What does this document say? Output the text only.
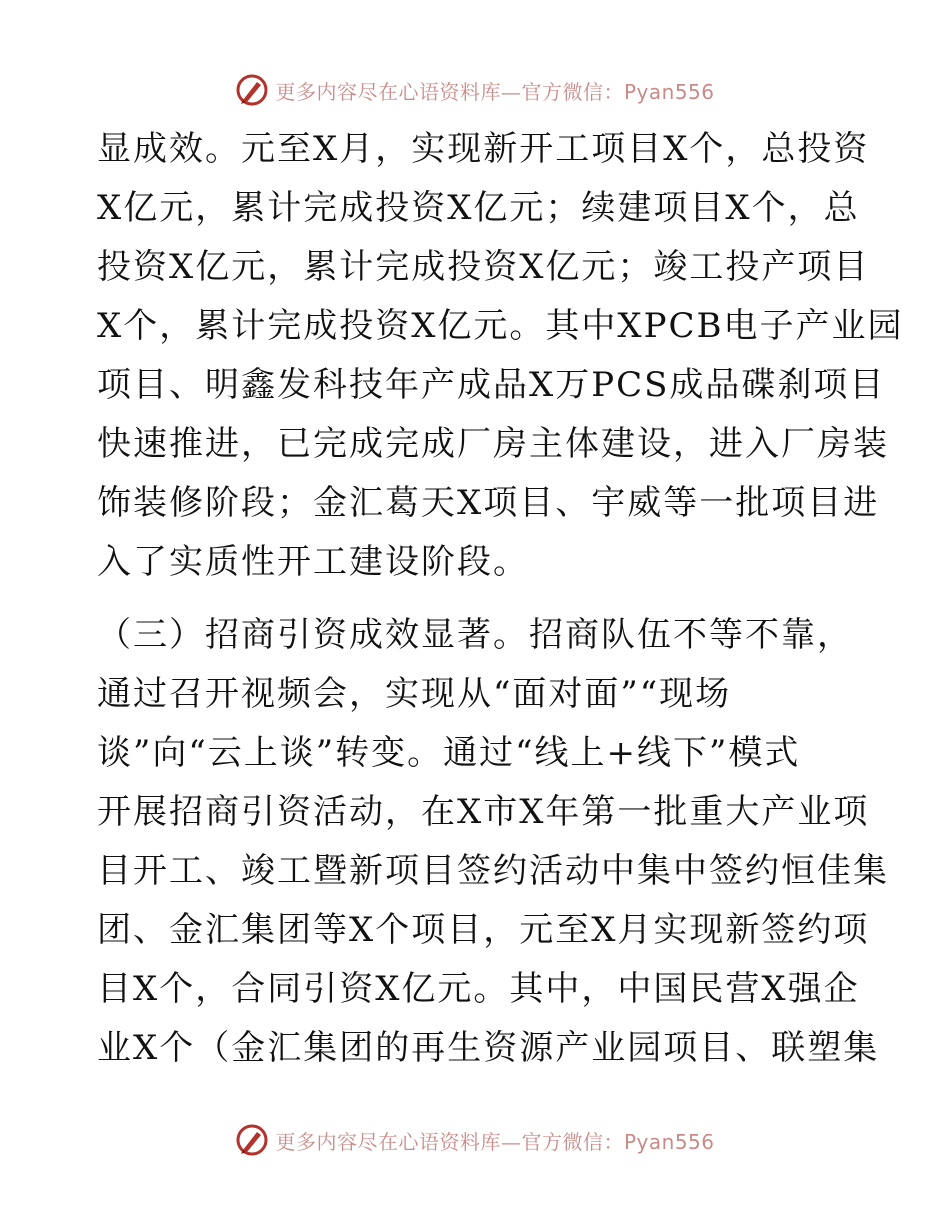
更多内容尽在心语资料库—官方微信：Pyan556
显成效。元至X月，实现新开工项目X个，总投资
X亿元，累计完成投资X亿元；续建项目X个，总
投资X亿元，累计完成投资X亿元；竣工投产项目
X个，累计完成投资X亿元。其中XPCB电子产业园
项目、明鑫发科技年产成品X万PCS成品碟刹项目
快速推进，已完成完成厂房主体建设，进入厂房装
饰装修阶段；金汇葛天X项目、宇威等一批项目进
入了实质性开工建设阶段。
（三）招商引资成效显著。招商队伍不等不靠，
通过召开视频会，实现从“面对面”“现场
谈”向“云上谈”转变。通过“线上+线下”模式
开展招商引资活动，在X市X年第一批重大产业项
目开工、竣工暨新项目签约活动中集中签约恒佳集
团、金汇集团等X个项目，元至X月实现新签约项
目X个，合同引资X亿元。其中，中国民营X强企
业X个（金汇集团的再生资源产业园项目、联塑集
更多内容尽在心语资料库—官方微信：Pyan556
